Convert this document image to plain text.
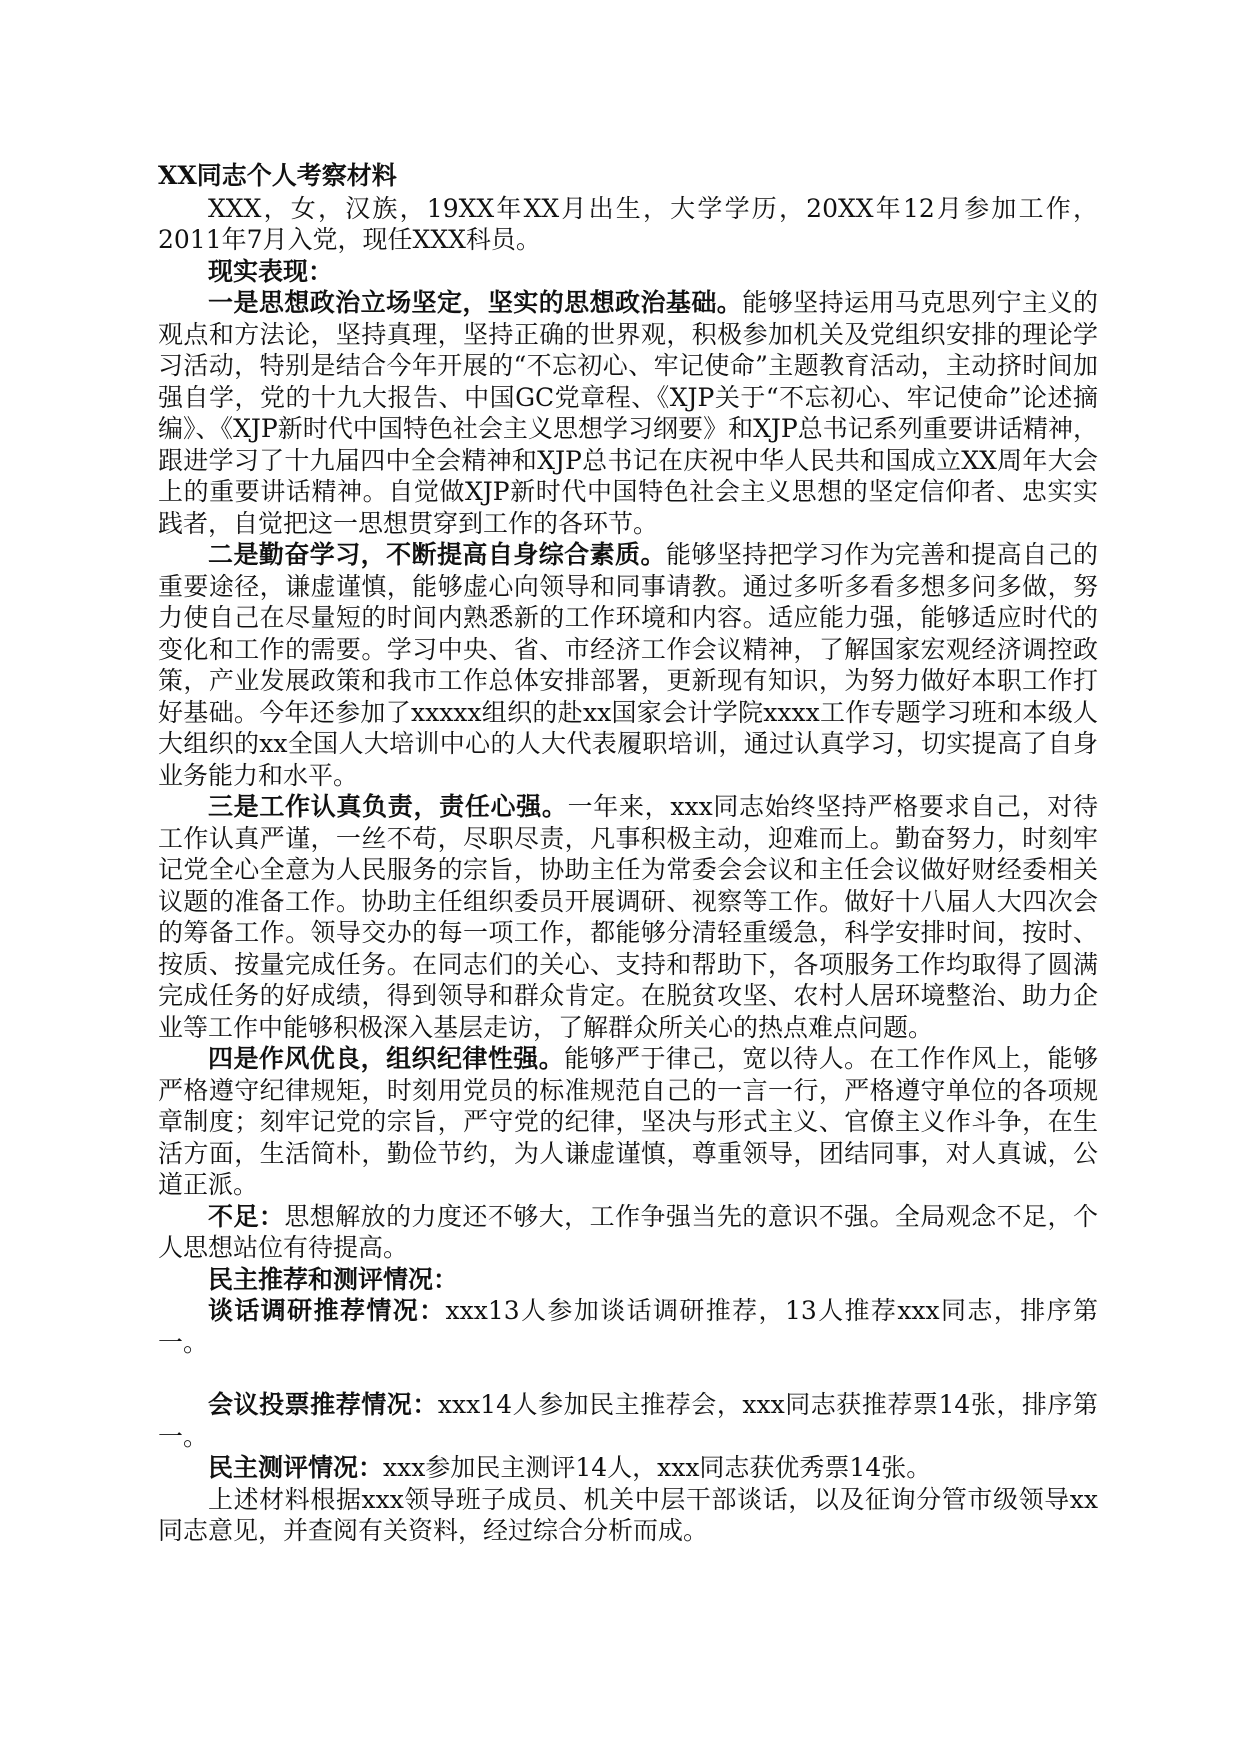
XX同志个人考察材料

XXX，女，汉族，19XX年XX月出生，大学学历，20XX年12月参加工作，2011年7月入党，现任XXX科员。

现实表现：

一是思想政治立场坚定，坚实的思想政治基础。能够坚持运用马克思列宁主义的观点和方法论，坚持真理，坚持正确的世界观，积极参加机关及党组织安排的理论学习活动，特别是结合今年开展的“不忘初心、牢记使命”主题教育活动，主动挤时间加强自学，党的十九大报告、中国GC党章程、《XJP关于“不忘初心、牢记使命”论述摘编》、《XJP新时代中国特色社会主义思想学习纲要》和XJP总书记系列重要讲话精神，跟进学习了十九届四中全会精神和XJP总书记在庆祝中华人民共和国成立XX周年大会上的重要讲话精神。自觉做XJP新时代中国特色社会主义思想的坚定信仰者、忠实实践者，自觉把这一思想贯穿到工作的各环节。

二是勤奋学习，不断提高自身综合素质。能够坚持把学习作为完善和提高自己的重要途径，谦虚谨慎，能够虚心向领导和同事请教。通过多听多看多想多问多做，努力使自己在尽量短的时间内熟悉新的工作环境和内容。适应能力强，能够适应时代的变化和工作的需要。学习中央、省、市经济工作会议精神，了解国家宏观经济调控政策，产业发展政策和我市工作总体安排部署，更新现有知识，为努力做好本职工作打好基础。今年还参加了xxxxx组织的赴xx国家会计学院xxxx工作专题学习班和本级人大组织的xx全国人大培训中心的人大代表履职培训，通过认真学习，切实提高了自身业务能力和水平。

三是工作认真负责，责任心强。一年来，xxx同志始终坚持严格要求自己，对待工作认真严谨，一丝不苟，尽职尽责，凡事积极主动，迎难而上。勤奋努力，时刻牢记党全心全意为人民服务的宗旨，协助主任为常委会会议和主任会议做好财经委相关议题的准备工作。协助主任组织委员开展调研、视察等工作。做好十八届人大四次会的筹备工作。领导交办的每一项工作，都能够分清轻重缓急，科学安排时间，按时、按质、按量完成任务。在同志们的关心、支持和帮助下，各项服务工作均取得了圆满完成任务的好成绩，得到领导和群众肯定。在脱贫攻坚、农村人居环境整治、助力企业等工作中能够积极深入基层走访，了解群众所关心的热点难点问题。

四是作风优良，组织纪律性强。能够严于律己，宽以待人。在工作作风上，能够严格遵守纪律规矩，时刻用党员的标准规范自己的一言一行，严格遵守单位的各项规章制度；刻牢记党的宗旨，严守党的纪律，坚决与形式主义、官僚主义作斗争，在生活方面，生活简朴，勤俭节约，为人谦虚谨慎，尊重领导，团结同事，对人真诚，公道正派。

不足：思想解放的力度还不够大，工作争强当先的意识不强。全局观念不足，个人思想站位有待提高。

民主推荐和测评情况：

谈话调研推荐情况：xxx13人参加谈话调研推荐，13人推荐xxx同志，排序第一。

会议投票推荐情况：xxx14人参加民主推荐会，xxx同志获推荐票14张，排序第一。

民主测评情况：xxx参加民主测评14人，xxx同志获优秀票14张。

上述材料根据xxx领导班子成员、机关中层干部谈话，以及征询分管市级领导xx同志意见，并查阅有关资料，经过综合分析而成。
